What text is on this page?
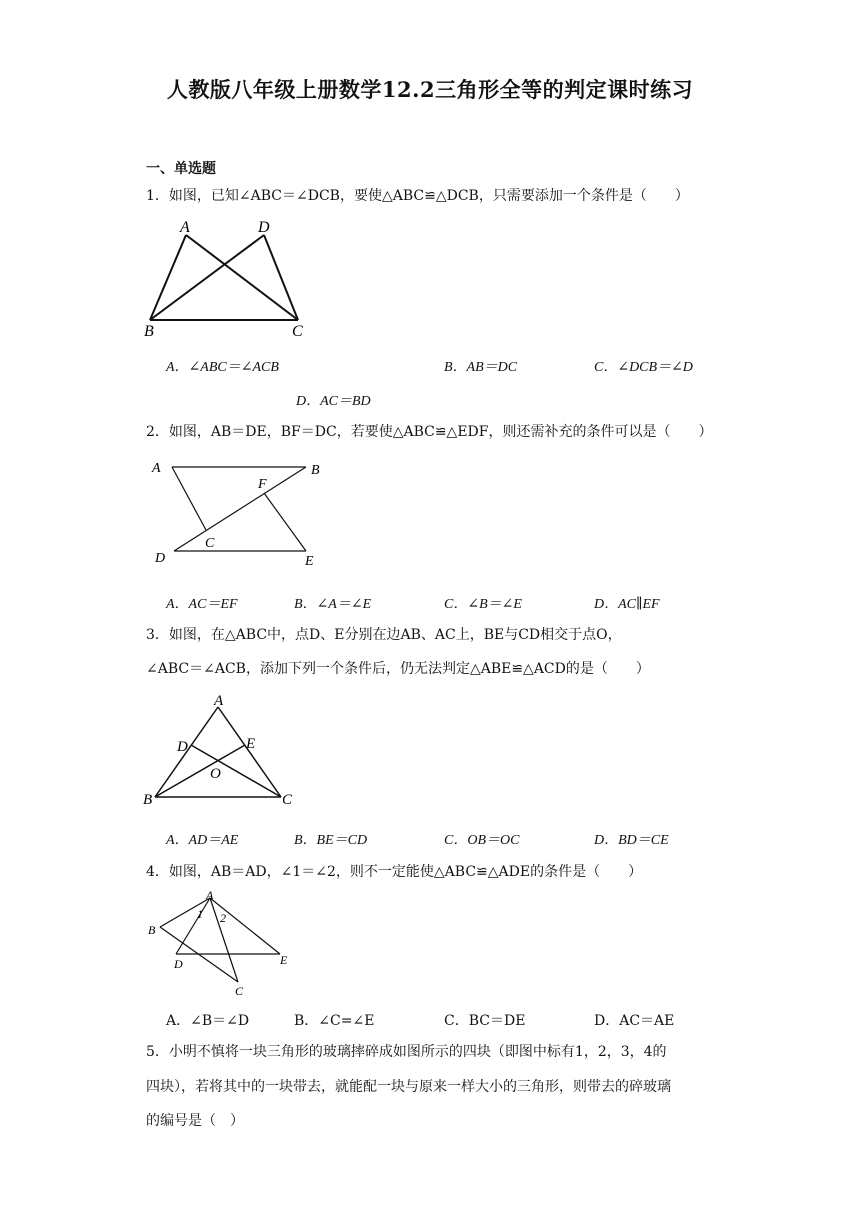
人教版八年级上册数学12.2三角形全等的判定课时练习
一、单选题
1．如图，已知∠ABC＝∠DCB，要使△ABC≌△DCB，只需要添加一个条件是（　　）
A	D
B	C
A．∠ABC＝∠ACB	B．AB＝DC	C．∠DCB＝∠D
D．AC＝BD
2．如图，AB＝DE，BF＝DC，若要使△ABC≌△EDF，则还需补充的条件可以是（　　）
A	B
F
C
D	E
A．AC＝EF	B．∠A＝∠E	C．∠B＝∠E	D．AC∥EF
3．如图，在△ABC中，点D、E分别在边AB、AC上，BE与CD相交于点O，
∠ABC＝∠ACB，添加下列一个条件后，仍无法判定△ABE≌△ACD的是（　　）
A
D	E
O
B	C
A．AD＝AE	B．BE＝CD	C．OB＝OC	D．BD＝CE
4．如图，AB＝AD，∠1＝∠2，则不一定能使△ABC≌△ADE的条件是（　　）
A
B
D	E
C
1 2
A．∠B＝∠D	B．∠C=∠E	C．BC＝DE	D．AC＝AE
5．小明不慎将一块三角形的玻璃摔碎成如图所示的四块（即图中标有1，2，3，4的
四块），若将其中的一块带去，就能配一块与原来一样大小的三角形，则带去的碎玻璃
的编号是（　）
